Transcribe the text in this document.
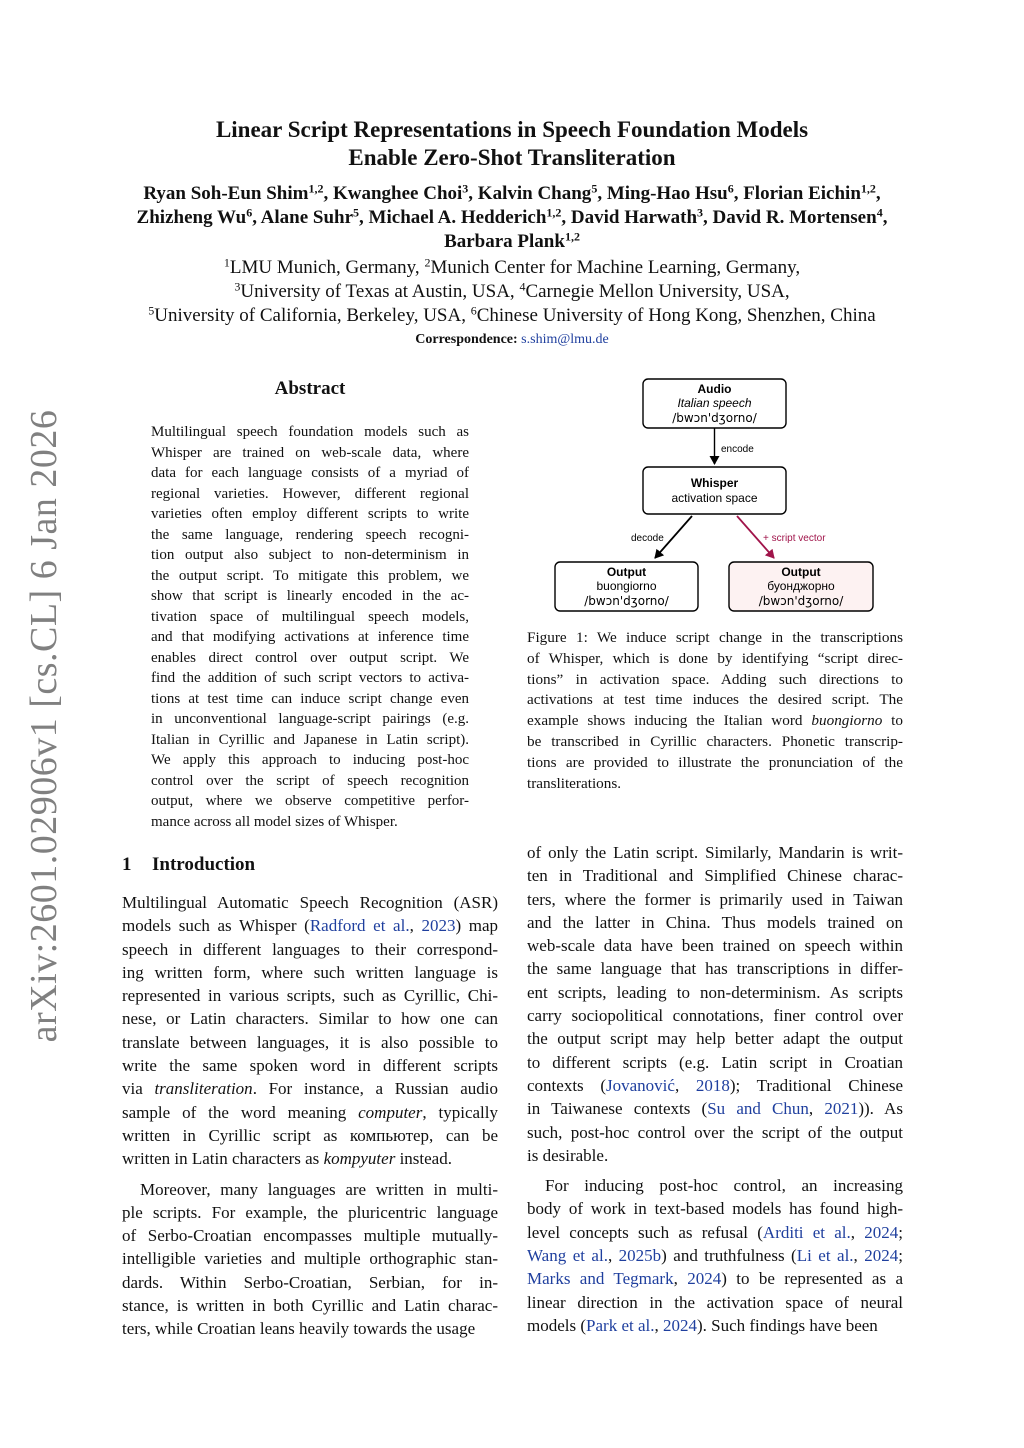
arXiv:2601.02906v1 [cs.CL] 6 Jan 2026
Linear Script Representations in Speech Foundation Models
Enable Zero-Shot Transliteration
Ryan Soh-Eun Shim$^{1,2}$, Kwanghee Choi$^3$, Kalvin Chang$^5$, Ming-Hao Hsu$^6$, Florian Eichin$^{1,2}$,
Zhizheng Wu$^6$, Alane Suhr$^5$, Michael A. Hedderich$^{1,2}$, David Harwath$^3$, David R. Mortensen$^4$,
Barbara Plank$^{1,2}$
$^1$LMU Munich, Germany, $^2$Munich Center for Machine Learning, Germany,
$^3$University of Texas at Austin, USA, $^4$Carnegie Mellon University, USA,
$^5$University of California, Berkeley, USA, $^6$Chinese University of Hong Kong, Shenzhen, China
Correspondence: s.shim@lmu.de
Abstract
Multilingual speech foundation models such as
Whisper are trained on web-scale data, where
data for each language consists of a myriad of
regional varieties. However, different regional
varieties often employ different scripts to write
the same language, rendering speech recogni-
tion output also subject to non-determinism in
the output script. To mitigate this problem, we
show that script is linearly encoded in the ac-
tivation space of multilingual speech models,
and that modifying activations at inference time
enables direct control over output script. We
find the addition of such script vectors to activa-
tions at test time can induce script change even
in unconventional language-script pairings (e.g.
Italian in Cyrillic and Japanese in Latin script).
We apply this approach to inducing post-hoc
control over the script of speech recognition
output, where we observe competitive perfor-
mance across all model sizes of Whisper.
Audio
Italian speech
/bwɔn'dʒorno/
encode
Whisper
activation space
decode	+ script vector
Output
buongiorno
/bwɔn'dʒorno/
Output
буонджорно
/bwɔn'dʒorno/
Figure 1: We induce script change in the transcriptions
of Whisper, which is done by identifying “script direc-
tions” in activation space. Adding such directions to
activations at test time induces the desired script. The
example shows inducing the Italian word buongiorno to
be transcribed in Cyrillic characters. Phonetic transcrip-
tions are provided to illustrate the pronunciation of the
transliterations.
1 Introduction
Multilingual Automatic Speech Recognition (ASR)
models such as Whisper (Radford et al., 2023) map
speech in different languages to their correspond-
ing written form, where such written language is
represented in various scripts, such as Cyrillic, Chi-
nese, or Latin characters. Similar to how one can
translate between languages, it is also possible to
write the same spoken word in different scripts
via transliteration. For instance, a Russian audio
sample of the word meaning computer, typically
written in Cyrillic script as компьютер, can be
written in Latin characters as kompyuter instead.
Moreover, many languages are written in multi-
ple scripts. For example, the pluricentric language
of Serbo-Croatian encompasses multiple mutually-
intelligible varieties and multiple orthographic stan-
dards. Within Serbo-Croatian, Serbian, for in-
stance, is written in both Cyrillic and Latin charac-
ters, while Croatian leans heavily towards the usage
of only the Latin script. Similarly, Mandarin is writ-
ten in Traditional and Simplified Chinese charac-
ters, where the former is primarily used in Taiwan
and the latter in China. Thus models trained on
web-scale data have been trained on speech within
the same language that has transcriptions in differ-
ent scripts, leading to non-determinism. As scripts
carry sociopolitical connotations, finer control over
the output script may help better adapt the output
to different scripts (e.g. Latin script in Croatian
contexts (Jovanović, 2018); Traditional Chinese
in Taiwanese contexts (Su and Chun, 2021)). As
such, post-hoc control over the script of the output
is desirable.
For inducing post-hoc control, an increasing
body of work in text-based models has found high-
level concepts such as refusal (Arditi et al., 2024;
Wang et al., 2025b) and truthfulness (Li et al., 2024;
Marks and Tegmark, 2024) to be represented as a
linear direction in the activation space of neural
models (Park et al., 2024). Such findings have been
